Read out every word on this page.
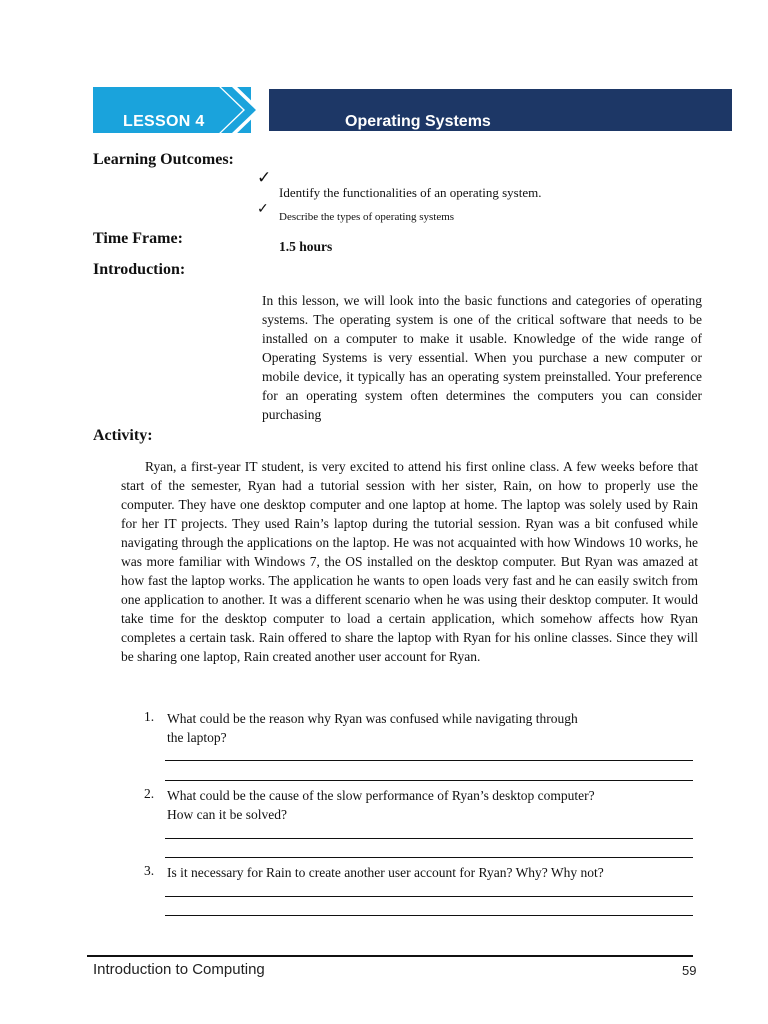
LESSON 4	Operating Systems
Learning Outcomes:
✓
Identify the functionalities of an operating system.
✓ Describe the types of operating systems
Time Frame:	1.5 hours
Introduction:
In this lesson, we will look into the basic functions and categories of operating systems. The operating system is one of the critical software that needs to be installed on a computer to make it usable. Knowledge of the wide range of Operating Systems is very essential. When you purchase a new computer or mobile device, it typically has an operating system preinstalled. Your preference for an operating system often determines the computers you can consider purchasing
Activity:
Ryan, a first-year IT student, is very excited to attend his first online class. A few weeks before that start of the semester, Ryan had a tutorial session with her sister, Rain, on how to properly use the computer. They have one desktop computer and one laptop at home. The laptop was solely used by Rain for her IT projects. They used Rain’s laptop during the tutorial session. Ryan was a bit confused while navigating through the applications on the laptop. He was not acquainted with how Windows 10 works, he was more familiar with Windows 7, the OS installed on the desktop computer. But Ryan was amazed at how fast the laptop works. The application he wants to open loads very fast and he can easily switch from one application to another. It was a different scenario when he was using their desktop computer. It would take time for the desktop computer to load a certain application, which somehow affects how Ryan completes a certain task. Rain offered to share the laptop with Ryan for his online classes. Since they will be sharing one laptop, Rain created another user account for Ryan.
1. What could be the reason why Ryan was confused while navigating through
the laptop?
2. What could be the cause of the slow performance of Ryan’s desktop computer?
How can it be solved?
3. Is it necessary for Rain to create another user account for Ryan? Why? Why not?
Introduction to Computing	59
